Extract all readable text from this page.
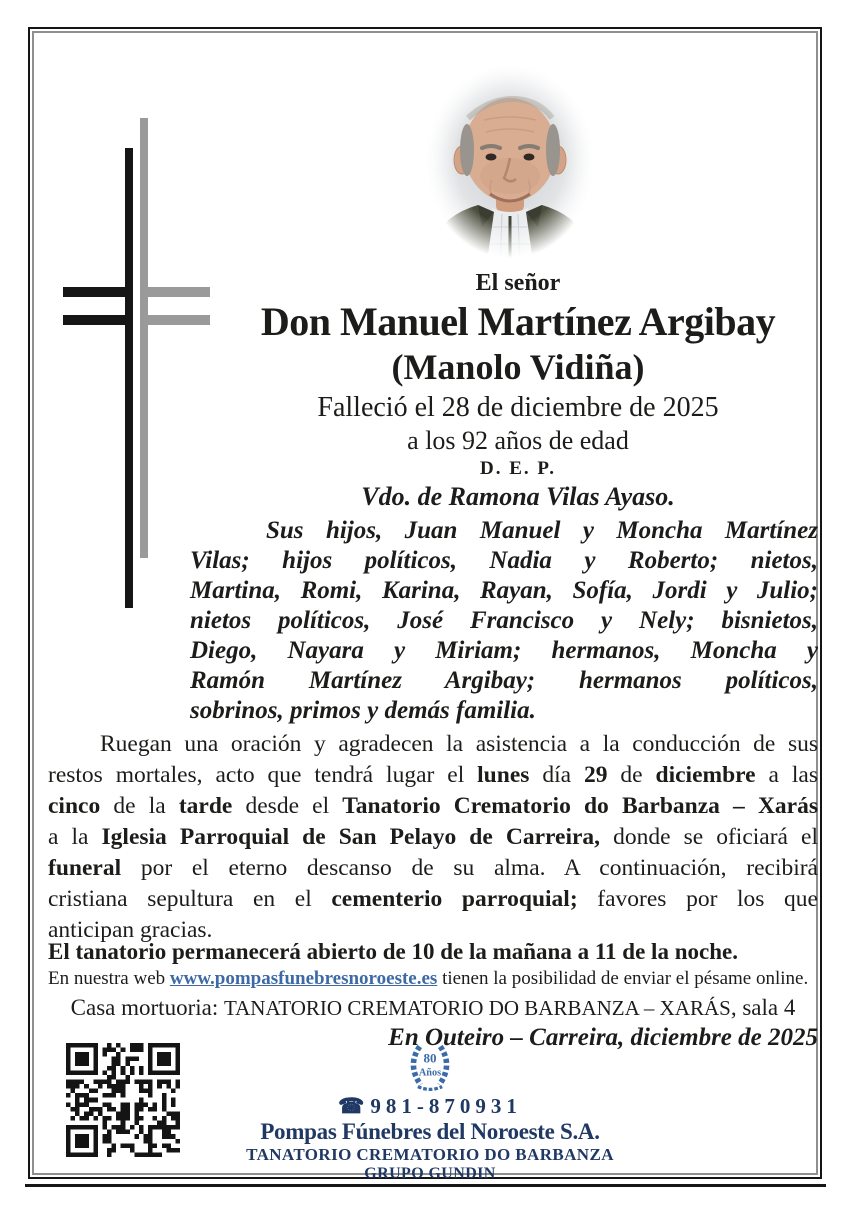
El señor
Don Manuel Martínez Argibay
(Manolo Vidiña)
Falleció el 28 de diciembre de 2025
a los 92 años de edad
D. E. P.
Vdo. de Ramona Vilas Ayaso.
Sus hijos, Juan Manuel y Moncha Martínez
Vilas; hijos políticos, Nadia y Roberto; nietos,
Martina, Romi, Karina, Rayan, Sofía, Jordi y Julio;
nietos políticos, José Francisco y Nely; bisnietos,
Diego, Nayara y Miriam; hermanos, Moncha y
Ramón Martínez Argibay; hermanos políticos,
sobrinos, primos y demás familia.
Ruegan una oración y agradecen la asistencia a la conducción de sus
restos mortales, acto que tendrá lugar el lunes día 29 de diciembre a las
cinco de la tarde desde el Tanatorio Crematorio do Barbanza – Xarás
a la Iglesia Parroquial de San Pelayo de Carreira, donde se oficiará el
funeral por el eterno descanso de su alma. A continuación, recibirá
cristiana sepultura en el cementerio parroquial; favores por los que
anticipan gracias.
El tanatorio permanecerá abierto de 10 de la mañana a 11 de la noche.
En nuestra web www.pompasfunebresnoroeste.es tienen la posibilidad de enviar el pésame online.
Casa mortuoria: TANATORIO CREMATORIO DO BARBANZA – XARÁS, sala 4
En Outeiro – Carreira, diciembre de 2025
80
Años
☎ 981-870931
Pompas Fúnebres del Noroeste S.A.
TANATORIO CREMATORIO DO BARBANZA
GRUPO GUNDIN
